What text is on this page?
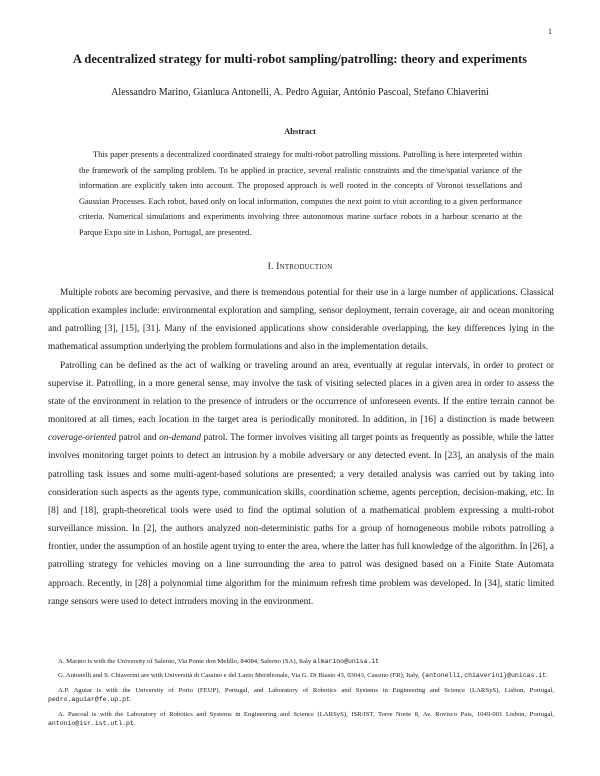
1
A decentralized strategy for multi-robot sampling/patrolling: theory and experiments
Alessandro Marino, Gianluca Antonelli, A. Pedro Aguiar, António Pascoal, Stefano Chiaverini
Abstract

This paper presents a decentralized coordinated strategy for multi-robot patrolling missions. Patrolling is here interpreted within the framework of the sampling problem. To be applied in practice, several realistic constraints and the time/spatial variance of the information are explicitly taken into account. The proposed approach is well rooted in the concepts of Voronoi tessellations and Gaussian Processes. Each robot, based only on local information, computes the next point to visit according to a given performance criteria. Numerical simulations and experiments involving three autonomous marine surface robots in a harbour scenario at the Parque Expo site in Lisbon, Portugal, are presented.

I. Introduction

Multiple robots are becoming pervasive, and there is tremendous potential for their use in a large number of applications. Classical application examples include: environmental exploration and sampling, sensor deployment, terrain coverage, air and ocean monitoring and patrolling [3], [15], [31]. Many of the envisioned applications show considerable overlapping, the key differences lying in the mathematical assumption underlying the problem formulations and also in the implementation details.

Patrolling can be defined as the act of walking or traveling around an area, eventually at regular intervals, in order to protect or supervise it. Patrolling, in a more general sense, may involve the task of visiting selected places in a given area in order to assess the state of the environment in relation to the presence of intruders or the occurrence of unforeseen events. If the entire terrain cannot be monitored at all times, each location in the target area is periodically monitored. In addition, in [16] a distinction is made between coverage-oriented patrol and on-demand patrol. The former involves visiting all target points as frequently as possible, while the latter involves monitoring target points to detect an intrusion by a mobile adversary or any detected event. In [23], an analysis of the main patrolling task issues and some multi-agent-based solutions are presented; a very detailed analysis was carried out by taking into consideration such aspects as the agents type, communication skills, coordination scheme, agents perception, decision-making, etc. In [8] and [18], graph-theoretical tools were used to find the optimal solution of a mathematical problem expressing a multi-robot surveillance mission. In [2], the authors analyzed non-deterministic paths for a group of homogeneous mobile robots patrolling a frontier, under the assumption of an hostile agent trying to enter the area, where the latter has full knowledge of the algorithm. In [26], a patrolling strategy for vehicles moving on a line surrounding the area to patrol was designed based on a Finite State Automata approach. Recently, in [28] a polynomial time algorithm for the minimum refresh time problem was developed. In [34], static limited range sensors were used to detect intruders moving in the environment.

A. Marino is with the University of Salerno, Via Ponte don Melillo, 84084, Salerno (SA), Italy almarino@unisa.it

G. Antonelli and S. Chiaverini are with Università di Cassino e del Lazio Meridionale, Via G. Di Biasio 43, 03043, Cassino (FR), Italy, {antonelli,chiaverini}@unicas.it.

A.P. Aguiar is with the University of Porto (FEUP), Portugal, and Laboratory of Robotics and Systems in Engineering and Science (LARSyS), Lisbon, Portugal, pedro.aguiar@fe.up.pt.

A. Pascoal is with the Laboratory of Robotics and Systems in Engineering and Science (LARSyS), ISR/IST, Torre Norte 8, Av. Rovisco Pais, 1049-001 Lisbon, Portugal, antonio@isr.ist.utl.pt.
